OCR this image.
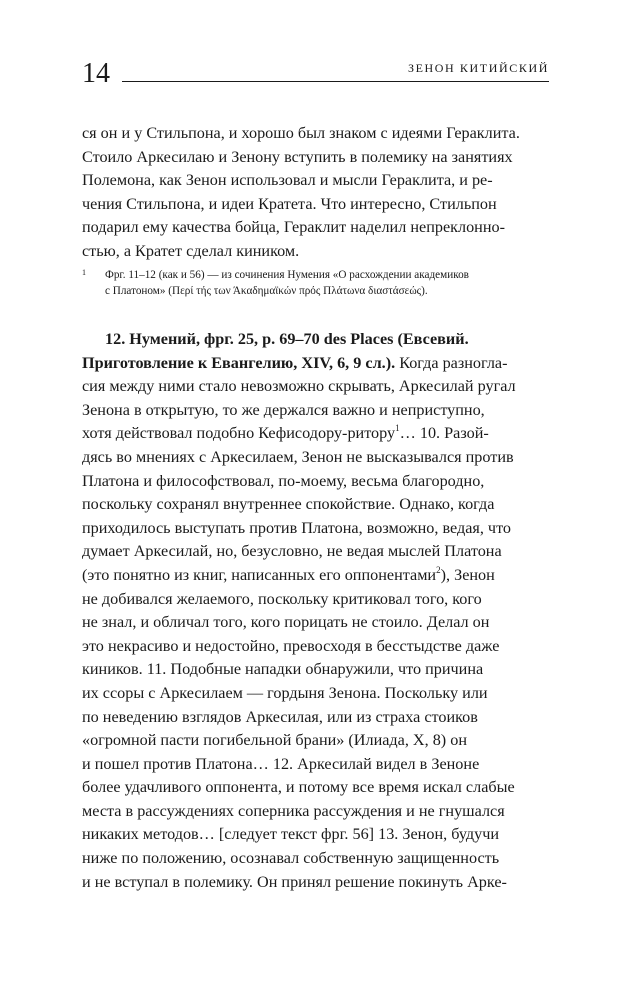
14	ЗЕНОН КИТИЙСКИЙ
ся он и у Стильпона, и хорошо был знаком с идеями Гераклита.
Стоило Аркесилаю и Зенону вступить в полемику на занятиях
Полемона, как Зенон использовал и мысли Гераклита, и ре-
чения Стильпона, и идеи Кратета. Что интересно, Стильпон
подарил ему качества бойца, Гераклит наделил непреклонно-
стью, а Кратет сделал киником.
1	Фрг. 11–12 (как и 56) — из сочинения Нумения «О расхождении академиков
с Платоном» (Περί τής των Άκαδημαϊκών πρός Πλάτωνα διαστάσεώς).
12. Нумений, фрг. 25, р. 69–70 des Places (Евсевий.
Приготовление к Евангелию, XIV, 6, 9 сл.). Когда разногла-
сия между ними стало невозможно скрывать, Аркесилай ругал
Зенона в открытую, то же держался важно и неприступно,
хотя действовал подобно Кефисодору-ритору$^1$… 10. Разой-
дясь во мнениях с Аркесилаем, Зенон не высказывался против
Платона и философствовал, по-моему, весьма благородно,
поскольку сохранял внутреннее спокойствие. Однако, когда
приходилось выступать против Платона, возможно, ведая, что
думает Аркесилай, но, безусловно, не ведая мыслей Платона
(это понятно из книг, написанных его оппонентами$^2$), Зенон
не добивался желаемого, поскольку критиковал того, кого
не знал, и обличал того, кого порицать не стоило. Делал он
это некрасиво и недостойно, превосходя в бесстыдстве даже
киников. 11. Подобные нападки обнаружили, что причина
их ссоры с Аркесилаем — гордыня Зенона. Поскольку или
по неведению взглядов Аркесилая, или из страха стоиков
«огромной пасти погибельной брани» (Илиада, X, 8) он
и пошел против Платона… 12. Аркесилай видел в Зеноне
более удачливого оппонента, и потому все время искал слабые
места в рассуждениях соперника рассуждения и не гнушался
никаких методов… [следует текст фрг. 56] 13. Зенон, будучи
ниже по положению, осознавал собственную защищенность
и не вступал в полемику. Он принял решение покинуть Арке-
